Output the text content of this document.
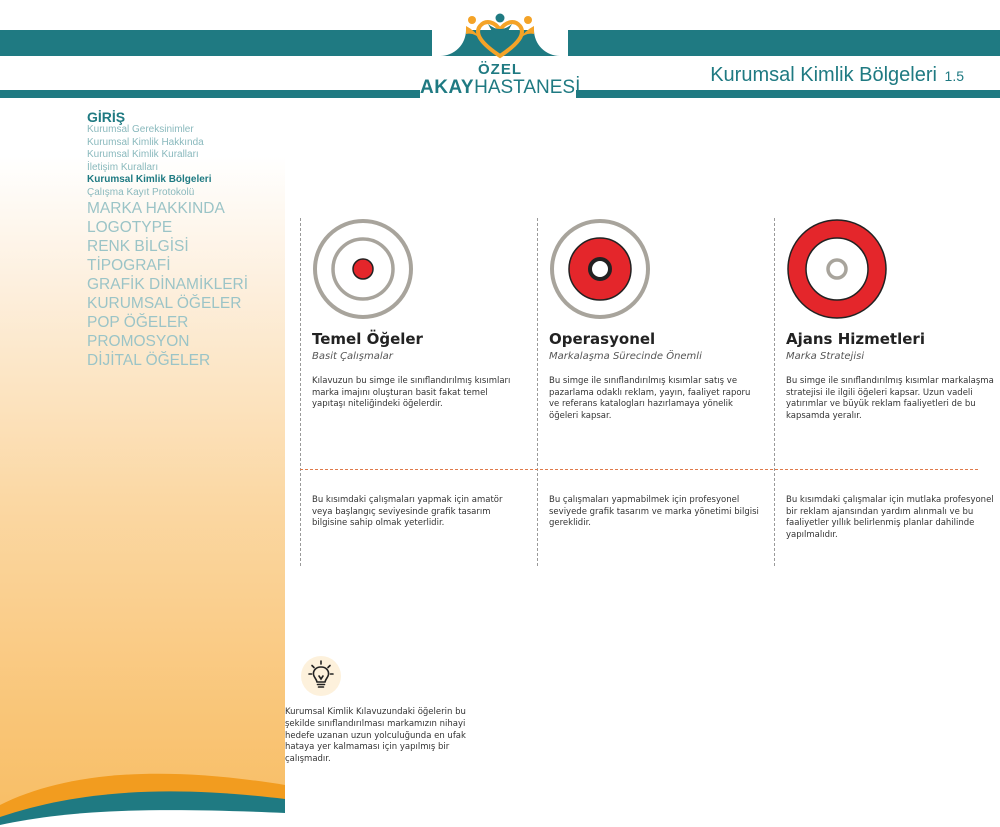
ÖZEL
AKAYHASTANESİ
Kurumsal Kimlik Bölgeleri 1.5
GİRİŞ
Kurumsal Gereksinimler
Kurumsal Kimlik Hakkında
Kurumsal Kimlik Kuralları
İletişim Kuralları
Kurumsal Kimlik Bölgeleri
Çalışma Kayıt Protokolü
MARKA HAKKINDA
LOGOTYPE
RENK BİLGİSİ
TİPOGRAFİ
GRAFİK DİNAMİKLERİ
KURUMSAL ÖĞELER
POP ÖĞELER
PROMOSYON
DİJİTAL ÖĞELER
Temel Öğeler
Basit Çalışmalar
Kılavuzun bu simge ile sınıflandırılmış kısımları marka imajını oluşturan basit fakat temel yapıtaşı niteliğindeki öğelerdir.
Bu kısımdaki çalışmaları yapmak için amatör veya başlangıç seviyesinde grafik tasarım bilgisine sahip olmak yeterlidir.
Operasyonel
Markalaşma Sürecinde Önemli
Bu simge ile sınıflandırılmış kısımlar satış ve pazarlama odaklı reklam, yayın, faaliyet raporu ve referans katalogları hazırlamaya yönelik öğeleri kapsar.
Bu çalışmaları yapmabilmek için profesyonel seviyede grafik tasarım ve marka yönetimi bilgisi gereklidir.
Ajans Hizmetleri
Marka Stratejisi
Bu simge ile sınıflandırılmış kısımlar markalaşma stratejisi ile ilgili öğeleri kapsar. Uzun vadeli yatırımlar ve büyük reklam faaliyetleri de bu kapsamda yeralır.
Bu kısımdaki çalışmalar için mutlaka profesyonel bir reklam ajansından yardım alınmalı ve bu faaliyetler yıllık belirlenmiş planlar dahilinde yapılmalıdır.
Kurumsal Kimlik Kılavuzundaki öğelerin bu şekilde sınıflandırılması markamızın nihayi hedefe uzanan uzun yolculuğunda en ufak hataya yer kalmaması için yapılmış bir çalışmadır.
